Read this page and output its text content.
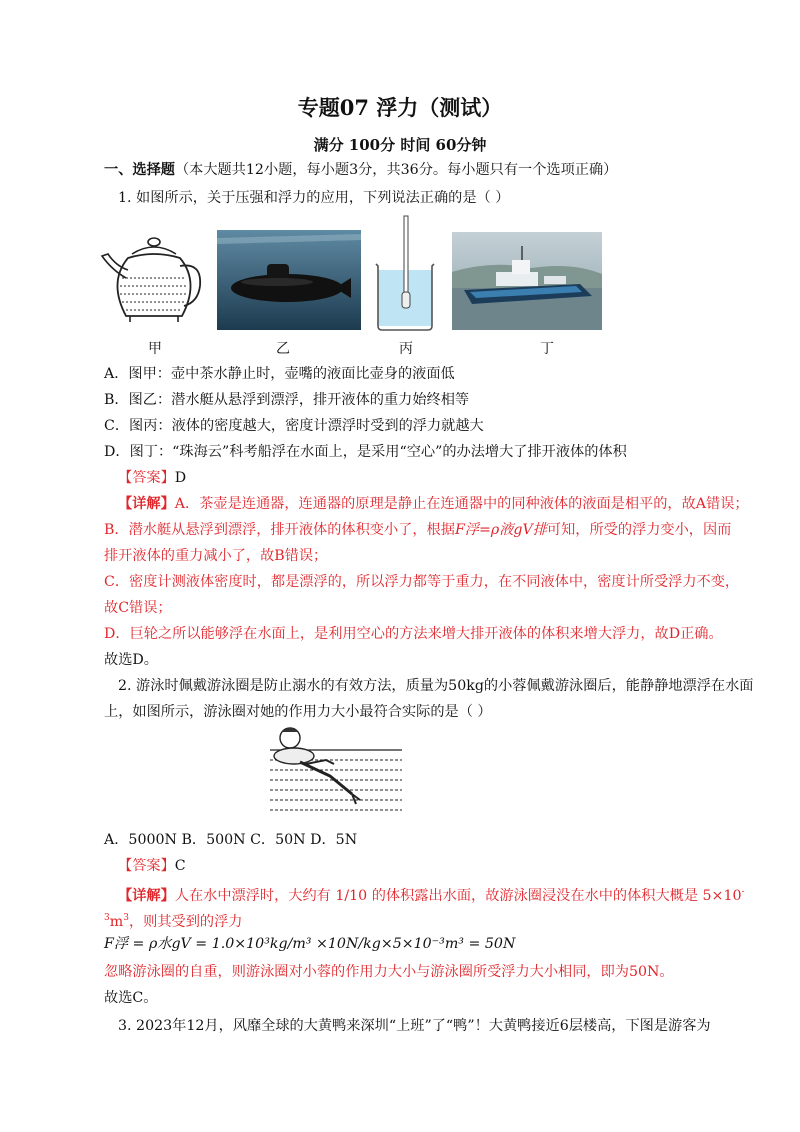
专题07 浮力（测试）
满分 100分 时间 60分钟
一、选择题（本大题共12小题，每小题3分，共36分。每小题只有一个选项正确）
1. 如图所示，关于压强和浮力的应用，下列说法正确的是（ ）
甲	乙	丙	丁
A．图甲：壶中茶水静止时，壶嘴的液面比壶身的液面低
B．图乙：潜水艇从悬浮到漂浮，排开液体的重力始终相等
C．图丙：液体的密度越大，密度计漂浮时受到的浮力就越大
D．图丁：“珠海云”科考船浮在水面上，是采用“空心”的办法增大了排开液体的体积
【答案】D
【详解】A．茶壶是连通器，连通器的原理是静止在连通器中的同种液体的液面是相平的，故A错误；
B．潜水艇从悬浮到漂浮，排开液体的体积变小了，根据F浮=ρ液gV排可知，所受的浮力变小，因而
排开液体的重力减小了，故B错误；
C．密度计测液体密度时，都是漂浮的，所以浮力都等于重力，在不同液体中，密度计所受浮力不变，
故C错误；
D．巨轮之所以能够浮在水面上，是利用空心的方法来增大排开液体的体积来增大浮力，故D正确。
故选D。
2. 游泳时佩戴游泳圈是防止溺水的有效方法，质量为50kg的小蓉佩戴游泳圈后，能静静地漂浮在水面
上，如图所示，游泳圈对她的作用力大小最符合实际的是（ ）
A．5000N B．500N C．50N D．5N
【答案】C
【详解】人在水中漂浮时，大约有 1/10 的体积露出水面，故游泳圈浸没在水中的体积大概是 5×10-
$^3m^3$，则其受到的浮力
F浮 = ρ水gV = 1.0×10³kg/m³ ×10N/kg×5×10⁻³m³ = 50N
忽略游泳圈的自重，则游泳圈对小蓉的作用力大小与游泳圈所受浮力大小相同，即为50N。
故选C。
3. 2023年12月，风靡全球的大黄鸭来深圳“上班”了“鸭”！大黄鸭接近6层楼高，下图是游客为
